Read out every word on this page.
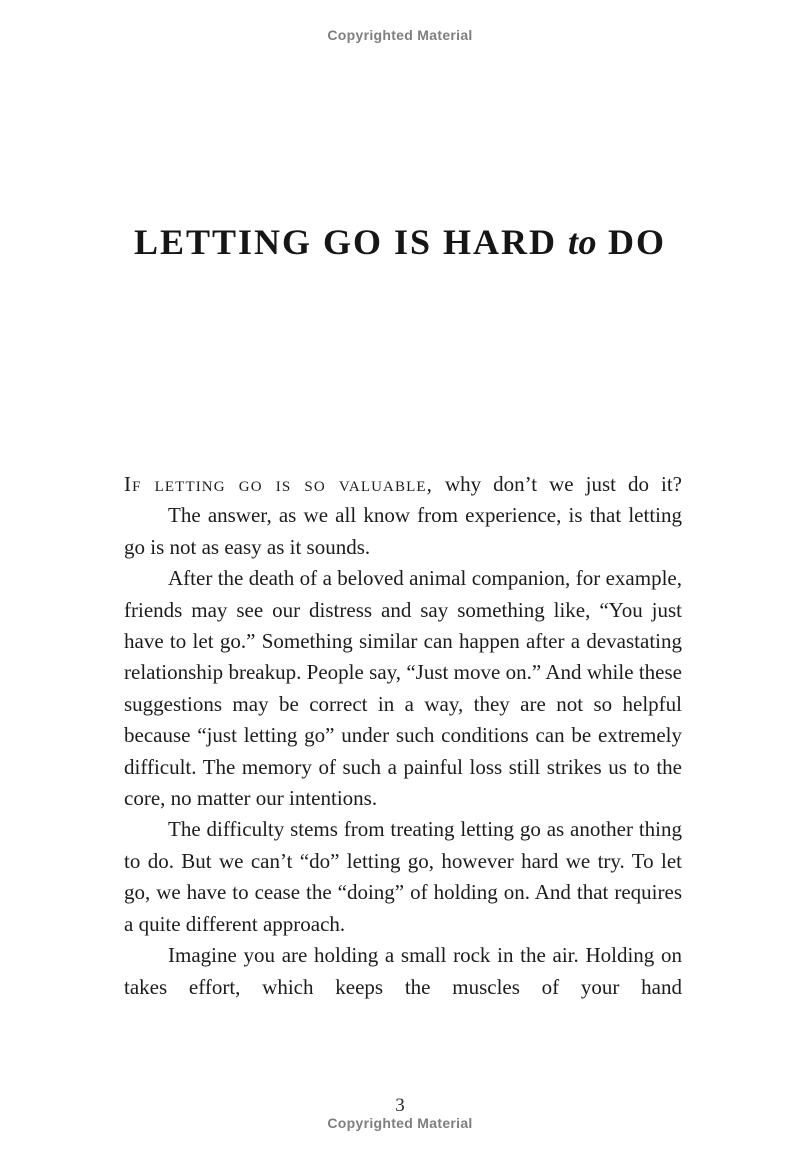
Copyrighted Material
LETTING GO IS HARD to DO

If letting go is so valuable, why don’t we just do it?

The answer, as we all know from experience, is that letting go is not as easy as it sounds.

After the death of a beloved animal companion, for example, friends may see our distress and say something like, “You just have to let go.” Something similar can happen after a devastating relationship breakup. People say, “Just move on.” And while these suggestions may be correct in a way, they are not so helpful because “just letting go” under such conditions can be extremely difficult. The memory of such a painful loss still strikes us to the core, no matter our intentions.

The difficulty stems from treating letting go as another thing to do. But we can’t “do” letting go, however hard we try. To let go, we have to cease the “doing” of holding on. And that requires a quite different approach.

Imagine you are holding a small rock in the air. Holding on takes effort, which keeps the muscles of your hand

3
Copyrighted Material
